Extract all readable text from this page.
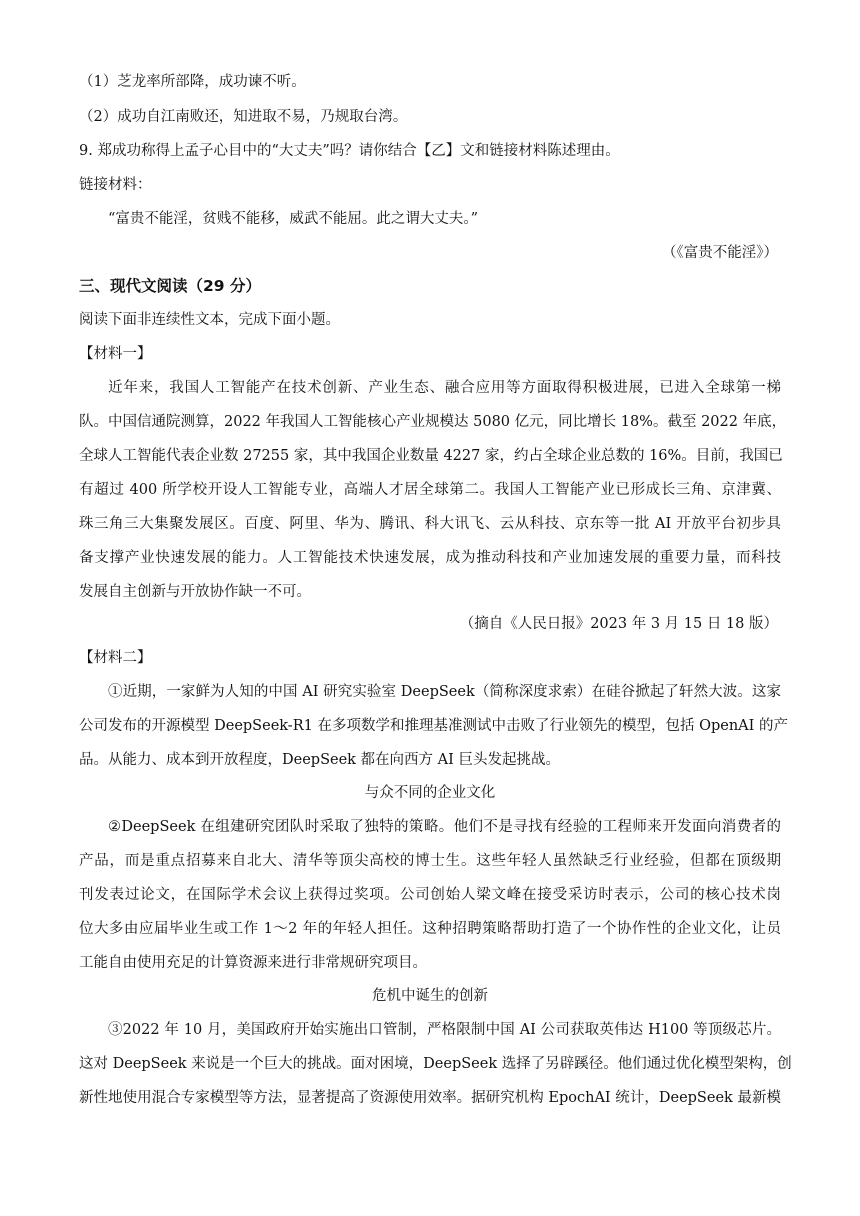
（1）芝龙率所部降，成功谏不听。
（2）成功自江南败还，知进取不易，乃规取台湾。
9. 郑成功称得上孟子心目中的“大丈夫”吗？请你结合【乙】文和链接材料陈述理由。
链接材料：
“富贵不能淫，贫贱不能移，威武不能屈。此之谓大丈夫。”
（《富贵不能淫》）
三、现代文阅读（29 分）
阅读下面非连续性文本，完成下面小题。
【材料一】
近年来，我国人工智能产在技术创新、产业生态、融合应用等方面取得积极进展，已进入全球第一梯
队。中国信通院测算，2022 年我国人工智能核心产业规模达 5080 亿元，同比增长 18%。截至 2022 年底，
全球人工智能代表企业数 27255 家，其中我国企业数量 4227 家，约占全球企业总数的 16%。目前，我国已
有超过 400 所学校开设人工智能专业，高端人才居全球第二。我国人工智能产业已形成长三角、京津冀、
珠三角三大集聚发展区。百度、阿里、华为、腾讯、科大讯飞、云从科技、京东等一批 AI 开放平台初步具
备支撑产业快速发展的能力。人工智能技术快速发展，成为推动科技和产业加速发展的重要力量，而科技
发展自主创新与开放协作缺一不可。
（摘自《人民日报》2023 年 3 月 15 日 18 版）
【材料二】
①近期，一家鲜为人知的中国 AI 研究实验室 DeepSeek（简称深度求索）在硅谷掀起了轩然大波。这家
公司发布的开源模型 DeepSeek-R1 在多项数学和推理基准测试中击败了行业领先的模型，包括 OpenAI 的产
品。从能力、成本到开放程度，DeepSeek 都在向西方 AI 巨头发起挑战。
与众不同的企业文化
②DeepSeek 在组建研究团队时采取了独特的策略。他们不是寻找有经验的工程师来开发面向消费者的
产品，而是重点招募来自北大、清华等顶尖高校的博士生。这些年轻人虽然缺乏行业经验，但都在顶级期
刊发表过论文，在国际学术会议上获得过奖项。公司创始人梁文峰在接受采访时表示，公司的核心技术岗
位大多由应届毕业生或工作 1～2 年的年轻人担任。这种招聘策略帮助打造了一个协作性的企业文化，让员
工能自由使用充足的计算资源来进行非常规研究项目。
危机中诞生的创新
③2022 年 10 月，美国政府开始实施出口管制，严格限制中国 AI 公司获取英伟达 H100 等顶级芯片。
这对 DeepSeek 来说是一个巨大的挑战。面对困境，DeepSeek 选择了另辟蹊径。他们通过优化模型架构，创
新性地使用混合专家模型等方法，显著提高了资源使用效率。据研究机构 EpochAI 统计，DeepSeek 最新模
